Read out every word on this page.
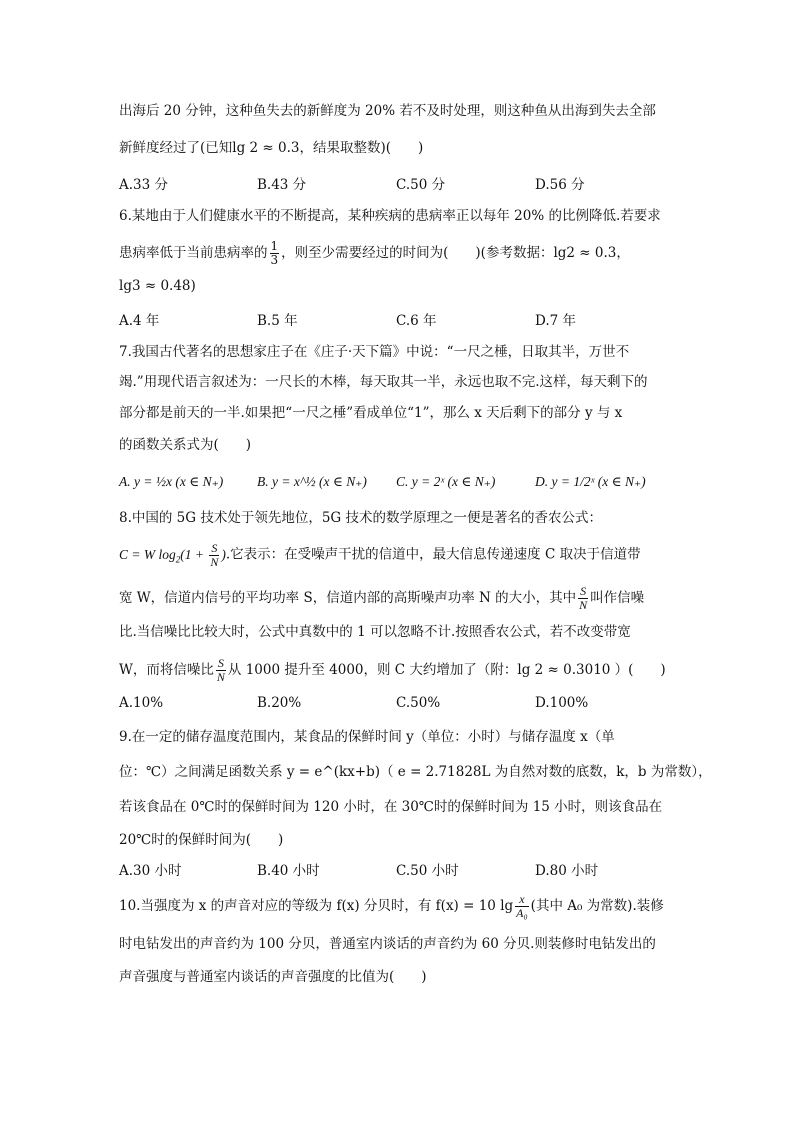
出海后 20 分钟，这种鱼失去的新鲜度为 20% 若不及时处理，则这种鱼从出海到失去全部
新鲜度经过了(已知lg 2 ≈ 0.3，结果取整数)(　　)
A.33 分	B.43 分	C.50 分	D.56 分
6.某地由于人们健康水平的不断提高，某种疾病的患病率正以每年 20% 的比例降低.若要求
患病率低于当前患病率的 $\frac{1}{3}$ ，则至少需要经过的时间为(　　)(参考数据：lg2 ≈ 0.3，
lg3 ≈ 0.48)
A.4 年	B.5 年	C.6 年	D.7 年
7.我国古代著名的思想家庄子在《庄子·天下篇》中说：“一尺之棰，日取其半，万世不
竭.”用现代语言叙述为：一尺长的木棒，每天取其一半，永远也取不完.这样，每天剩下的
部分都是前天的一半.如果把“一尺之棰”看成单位“1”，那么 x 天后剩下的部分 y 与 x
的函数关系式为(　　)
A. y = ½x (x ∈ N₊)	B. y = x^½ (x ∈ N₊) C. y = 2ˣ (x ∈ N₊)	D. y = 1/2ˣ (x ∈ N₊)
8.中国的 5G 技术处于领先地位，5G 技术的数学原理之一便是著名的香农公式：
C = W $\log_2(1 + \frac{S}{N}$ ).它表示：在受噪声干扰的信道中，最大信息传递速度 C 取决于信道带
宽 W，信道内信号的平均功率 S，信道内部的高斯噪声功率 N 的大小，其中 $\frac{S}{N}$ 叫作信噪
比.当信噪比比较大时，公式中真数中的 1 可以忽略不计.按照香农公式，若不改变带宽
W，而将信噪比 $\frac{S}{N}$ 从 1000 提升至 4000，则 C 大约增加了（附：lg 2 ≈ 0.3010 ）(　　)
A.10%	B.20%	C.50%	D.100%
9.在一定的储存温度范围内，某食品的保鲜时间 y（单位：小时）与储存温度 x（单
位：℃）之间满足函数关系 y = e^(kx+b)（ e = 2.71828L 为自然对数的底数，k，b 为常数），
若该食品在 0℃时的保鲜时间为 120 小时，在 30℃时的保鲜时间为 15 小时，则该食品在
20℃时的保鲜时间为(　　)
A.30 小时	B.40 小时	C.50 小时	D.80 小时
10.当强度为 x 的声音对应的等级为 f(x) 分贝时，有 f(x) = 10 $\lg \frac{x}{\text{A₀}}$ (其中 A₀ 为常数).装修
时电钻发出的声音约为 100 分贝，普通室内谈话的声音约为 60 分贝.则装修时电钻发出的
声音强度与普通室内谈话的声音强度的比值为(　　)
